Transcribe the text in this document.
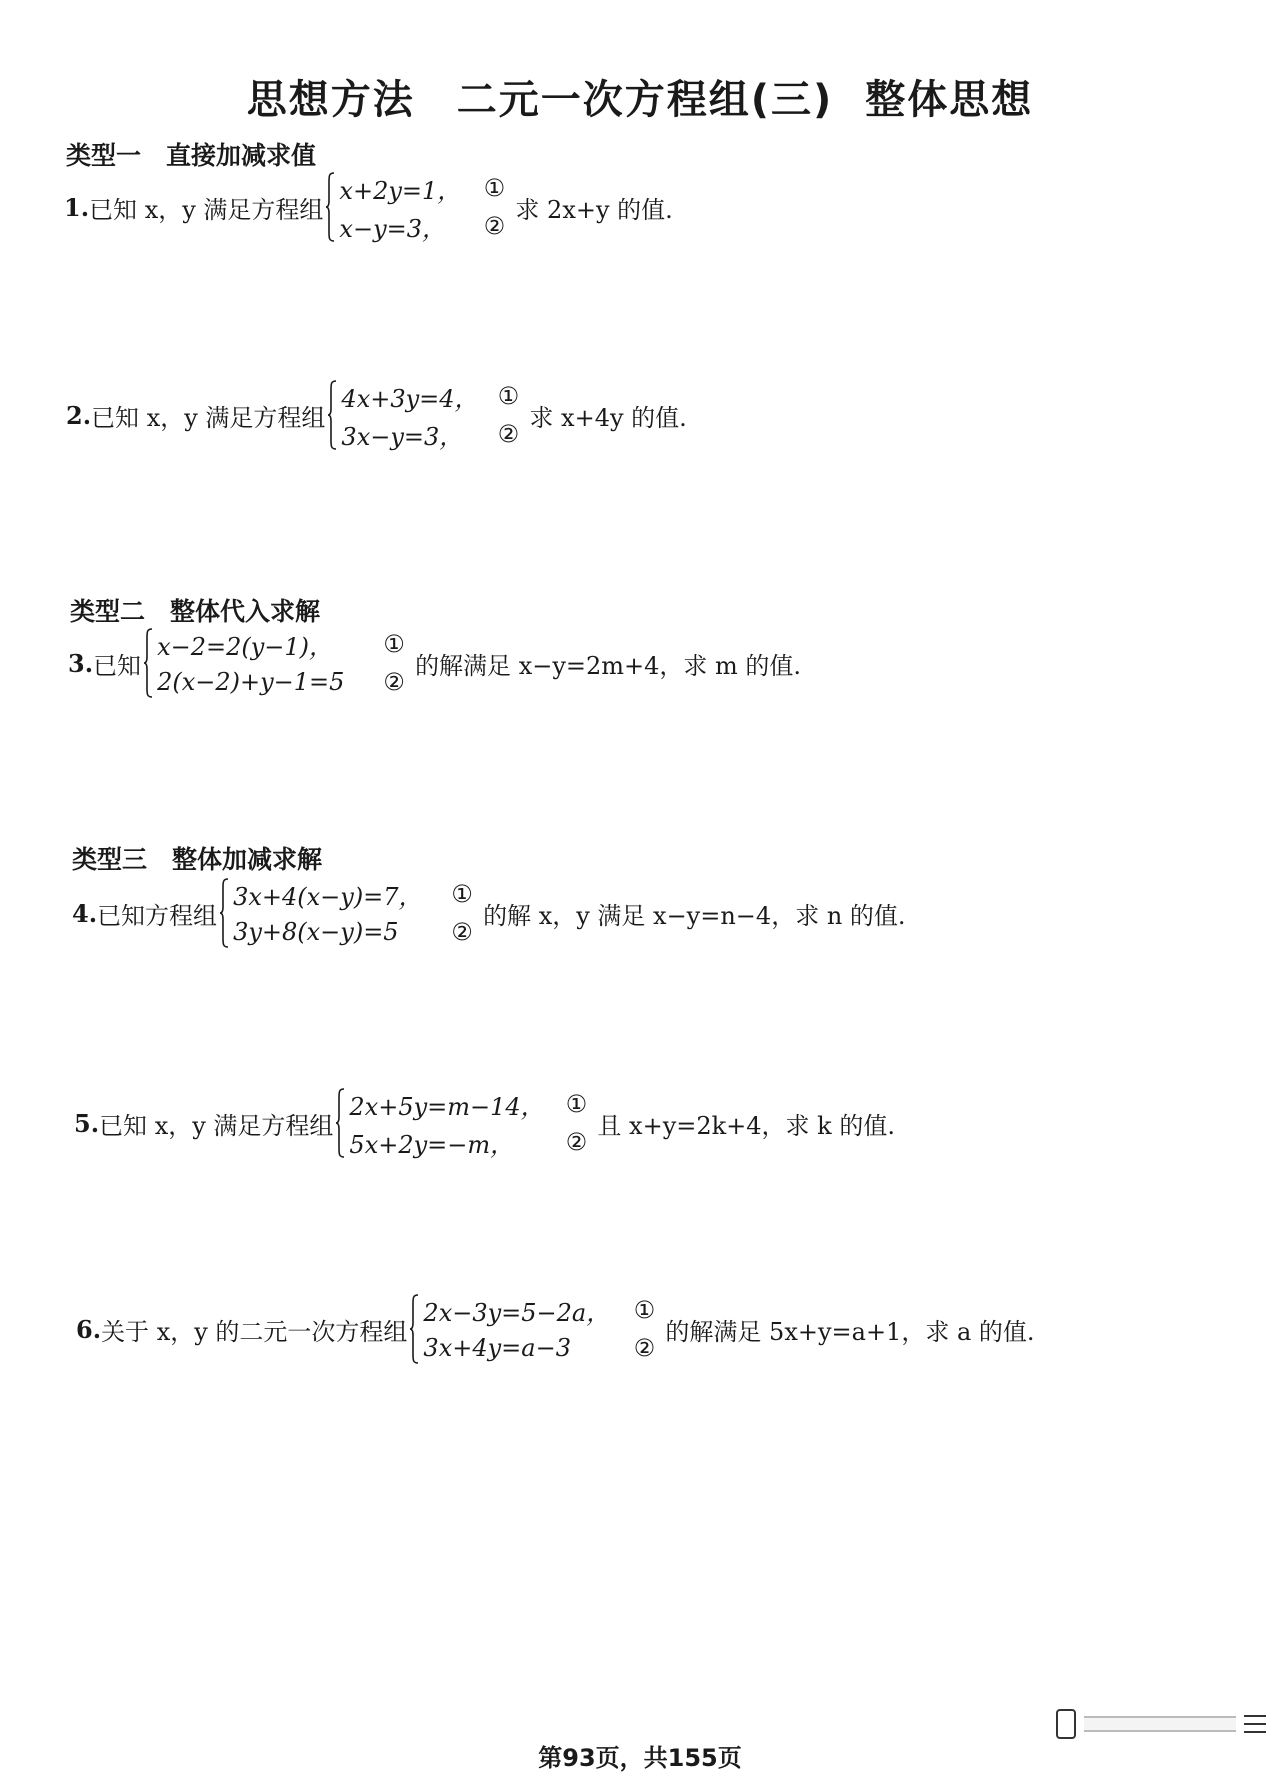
思想方法　二元一次方程组(三)  整体思想
类型一　直接加减求值
1. 已知 x，y 满足方程组
x+2y=1， ①
x−y=3，	②
求 2x+y 的值.
2. 已知 x，y 满足方程组
4x+3y=4， ①
3x−y=3，	②
求 x+4y 的值.
类型二　整体代入求解
3. 已知
x−2=2(y−1)，	①
2(x−2)+y−1=5	②
的解满足 x−y=2m+4，求 m 的值.
类型三　整体加减求解
4. 已知方程组
3x+4(x−y)=7，	①
3y+8(x−y)=5	②
的解 x，y 满足 x−y=n−4，求 n 的值.
5. 已知 x，y 满足方程组
2x+5y=m−14， ①
5x+2y=−m，	②
且 x+y=2k+4，求 k 的值.
6. 关于 x，y 的二元一次方程组
2x−3y=5−2a， ①
3x+4y=a−3	②
的解满足 5x+y=a+1，求 a 的值.
第93页，共155页
